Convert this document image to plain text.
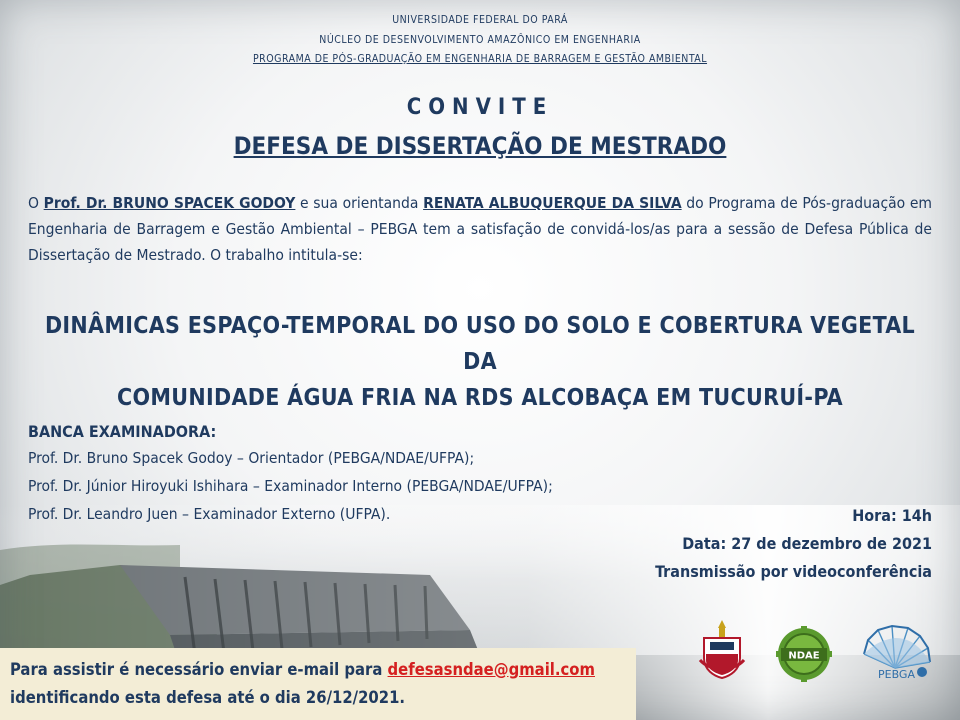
UNIVERSIDADE FEDERAL DO PARÁ
NÚCLEO DE DESENVOLVIMENTO AMAZÔNICO EM ENGENHARIA
PROGRAMA DE PÓS-GRADUAÇÃO EM ENGENHARIA DE BARRAGEM E GESTÃO AMBIENTAL
CONVITE
DEFESA DE DISSERTAÇÃO DE MESTRADO
O Prof. Dr. BRUNO SPACEK GODOY e sua orientanda RENATA ALBUQUERQUE DA SILVA do Programa de Pós-graduação em Engenharia de Barragem e Gestão Ambiental – PEBGA tem a satisfação de convidá-los/as para a sessão de Defesa Pública de Dissertação de Mestrado. O trabalho intitula-se:
DINÂMICAS ESPAÇO-TEMPORAL DO USO DO SOLO E COBERTURA VEGETAL DA
COMUNIDADE ÁGUA FRIA NA RDS ALCOBAÇA EM TUCURUÍ-PA
BANCA EXAMINADORA:
Prof. Dr. Bruno Spacek Godoy – Orientador (PEBGA/NDAE/UFPA);
Prof. Dr. Júnior Hiroyuki Ishihara – Examinador Interno (PEBGA/NDAE/UFPA);
Prof. Dr. Leandro Juen – Examinador Externo (UFPA).	Hora: 14h
Data: 27 de dezembro de 2021
Transmissão por videoconferência
Para assistir é necessário enviar e-mail para defesasndae@gmail.com
identificando esta defesa até o dia 26/12/2021.
NDAE
PEBGA
